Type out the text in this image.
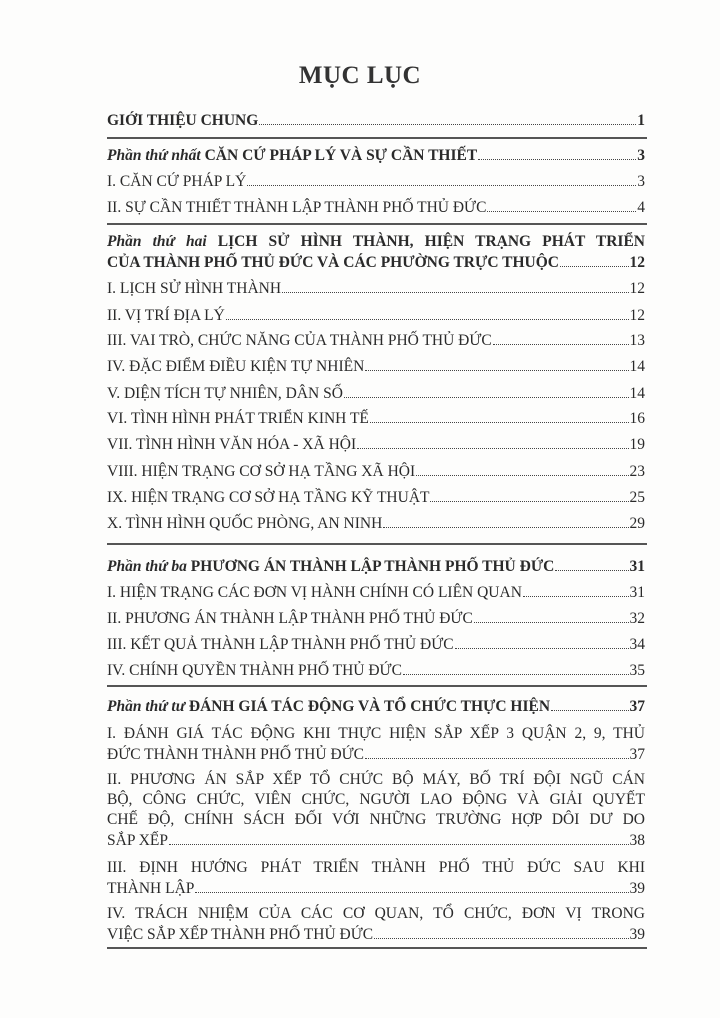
MỤC LỤC
GIỚI THIỆU CHUNG	1
Phần thứ nhất CĂN CỨ PHÁP LÝ VÀ SỰ CẦN THIẾT	3
I. CĂN CỨ PHÁP LÝ	3
II. SỰ CẦN THIẾT THÀNH LẬP THÀNH PHỐ THỦ ĐỨC	4
Phần thứ hai LỊCH SỬ HÌNH THÀNH, HIỆN TRẠNG PHÁT TRIỂN
CỦA THÀNH PHỐ THỦ ĐỨC VÀ CÁC PHƯỜNG TRỰC THUỘC	12
I. LỊCH SỬ HÌNH THÀNH	12
II. VỊ TRÍ ĐỊA LÝ	12
III. VAI TRÒ, CHỨC NĂNG CỦA THÀNH PHỐ THỦ ĐỨC	13
IV. ĐẶC ĐIỂM ĐIỀU KIỆN TỰ NHIÊN	14
V. DIỆN TÍCH TỰ NHIÊN, DÂN SỐ	14
VI. TÌNH HÌNH PHÁT TRIỂN KINH TẾ	16
VII. TÌNH HÌNH VĂN HÓA - XÃ HỘI	19
VIII. HIỆN TRẠNG CƠ SỞ HẠ TẦNG XÃ HỘI	23
IX. HIỆN TRẠNG CƠ SỞ HẠ TẦNG KỸ THUẬT	25
X. TÌNH HÌNH QUỐC PHÒNG, AN NINH	29
Phần thứ ba PHƯƠNG ÁN THÀNH LẬP THÀNH PHỐ THỦ ĐỨC	31
I. HIỆN TRẠNG CÁC ĐƠN VỊ HÀNH CHÍNH CÓ LIÊN QUAN	31
II. PHƯƠNG ÁN THÀNH LẬP THÀNH PHỐ THỦ ĐỨC	32
III. KẾT QUẢ THÀNH LẬP THÀNH PHỐ THỦ ĐỨC	34
IV. CHÍNH QUYỀN THÀNH PHỐ THỦ ĐỨC	35
Phần thứ tư ĐÁNH GIÁ TÁC ĐỘNG VÀ TỔ CHỨC THỰC HIỆN	37
I. ĐÁNH GIÁ TÁC ĐỘNG KHI THỰC HIỆN SẮP XẾP 3 QUẬN 2, 9, THỦ
ĐỨC THÀNH THÀNH PHỐ THỦ ĐỨC	37
II. PHƯƠNG ÁN SẮP XẾP TỔ CHỨC BỘ MÁY, BỐ TRÍ ĐỘI NGŨ CÁN
BỘ, CÔNG CHỨC, VIÊN CHỨC, NGƯỜI LAO ĐỘNG VÀ GIẢI QUYẾT
CHẾ ĐỘ, CHÍNH SÁCH ĐỐI VỚI NHỮNG TRƯỜNG HỢP DÔI DƯ DO
SẮP XẾP	38
III. ĐỊNH HƯỚNG PHÁT TRIỂN THÀNH PHỐ THỦ ĐỨC SAU KHI
THÀNH LẬP	39
IV. TRÁCH NHIỆM CỦA CÁC CƠ QUAN, TỔ CHỨC, ĐƠN VỊ TRONG
VIỆC SẮP XẾP THÀNH PHỐ THỦ ĐỨC	39
